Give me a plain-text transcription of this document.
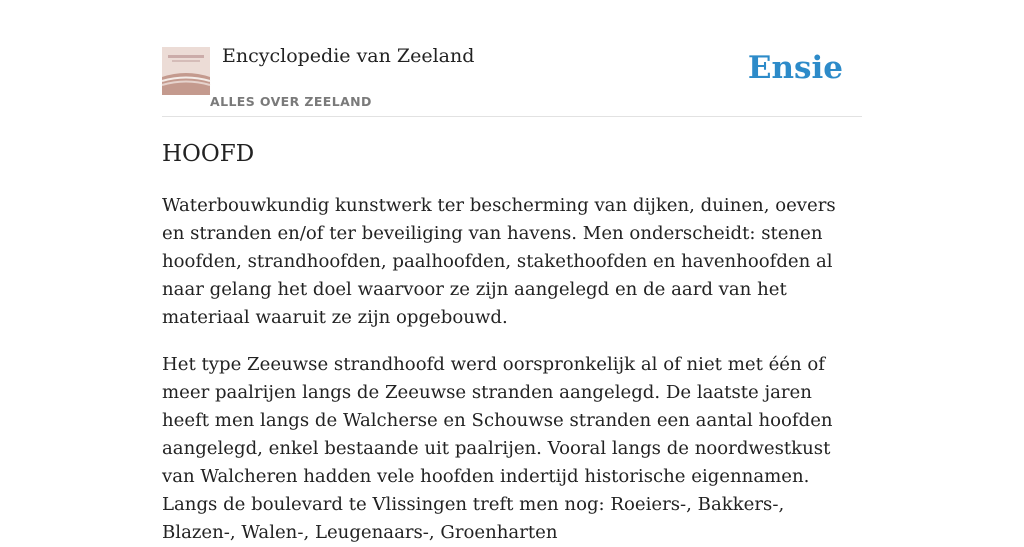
Encyclopedie van Zeeland
ALLES OVER ZEELAND
Ensie
HOOFD

Waterbouwkundig kunstwerk ter bescherming van dijken, duinen, oevers en stranden en/of ter beveiliging van havens. Men onderscheidt: stenen hoofden, strandhoofden, paalhoofden, stakethoofden en havenhoofden al naar gelang het doel waarvoor ze zijn aangelegd en de aard van het materiaal waaruit ze zijn opgebouwd.

Het type Zeeuwse strandhoofd werd oorspronkelijk al of niet met één of meer paalrijen langs de Zeeuwse stranden aangelegd. De laatste jaren heeft men langs de Walcherse en Schouwse stranden een aantal hoofden aangelegd, enkel bestaande uit paalrijen. Vooral langs de noordwestkust van Walcheren hadden vele hoofden indertijd historische eigennamen. Langs de boulevard te Vlissingen treft men nog: Roeiers-, Bakkers-, Blazen-, Walen-, Leugenaars-, Groenharten
